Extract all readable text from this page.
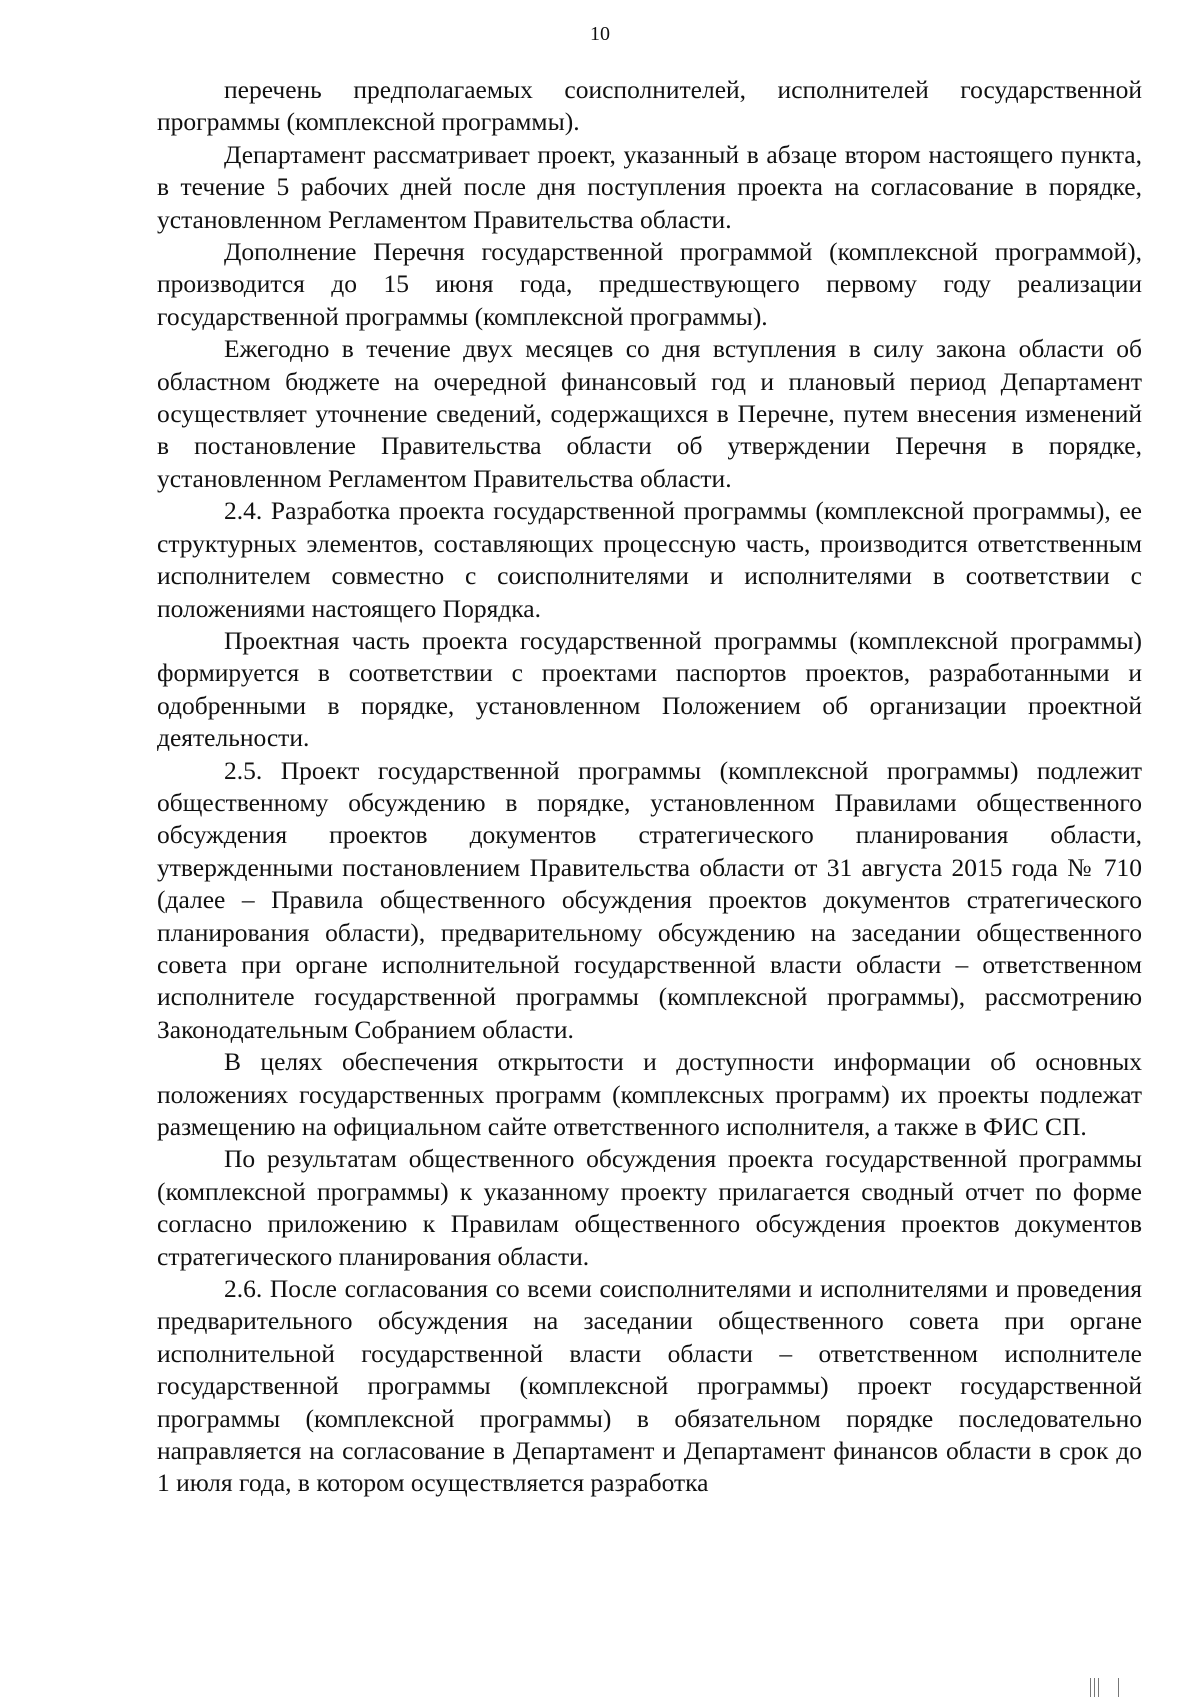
10

перечень предполагаемых соисполнителей, исполнителей государственной программы (комплексной программы).

Департамент рассматривает проект, указанный в абзаце втором настоящего пункта, в течение 5 рабочих дней после дня поступления проекта на согласование в порядке, установленном Регламентом Правительства области.

Дополнение Перечня государственной программой (комплексной программой), производится до 15 июня года, предшествующего первому году реализации государственной программы (комплексной программы).

Ежегодно в течение двух месяцев со дня вступления в силу закона области об областном бюджете на очередной финансовый год и плановый период Департамент осуществляет уточнение сведений, содержащихся в Перечне, путем внесения изменений в постановление Правительства области об утверждении Перечня в порядке, установленном Регламентом Правительства области.

2.4. Разработка проекта государственной программы (комплексной программы), ее структурных элементов, составляющих процессную часть, производится ответственным исполнителем совместно с соисполнителями и исполнителями в соответствии с положениями настоящего Порядка.

Проектная часть проекта государственной программы (комплексной программы) формируется в соответствии с проектами паспортов проектов, разработанными и одобренными в порядке, установленном Положением об организации проектной деятельности.

2.5. Проект государственной программы (комплексной программы) подлежит общественному обсуждению в порядке, установленном Правилами общественного обсуждения проектов документов стратегического планирования области, утвержденными постановлением Правительства области от 31 августа 2015 года № 710 (далее – Правила общественного обсуждения проектов документов стратегического планирования области), предварительному обсуждению на заседании общественного совета при органе исполнительной государственной власти области – ответственном исполнителе государственной программы (комплексной программы), рассмотрению Законодательным Собранием области.

В целях обеспечения открытости и доступности информации об основных положениях государственных программ (комплексных программ) их проекты подлежат размещению на официальном сайте ответственного исполнителя, а также в ФИС СП.

По результатам общественного обсуждения проекта государственной программы (комплексной программы) к указанному проекту прилагается сводный отчет по форме согласно приложению к Правилам общественного обсуждения проектов документов стратегического планирования области.

2.6. После согласования со всеми соисполнителями и исполнителями и проведения предварительного обсуждения на заседании общественного совета при органе исполнительной государственной власти области – ответственном исполнителе государственной программы (комплексной программы) проект государственной программы (комплексной программы) в обязательном порядке последовательно направляется на согласование в Департамент и Департамент финансов области в срок до 1 июля года, в котором осуществляется разработка
